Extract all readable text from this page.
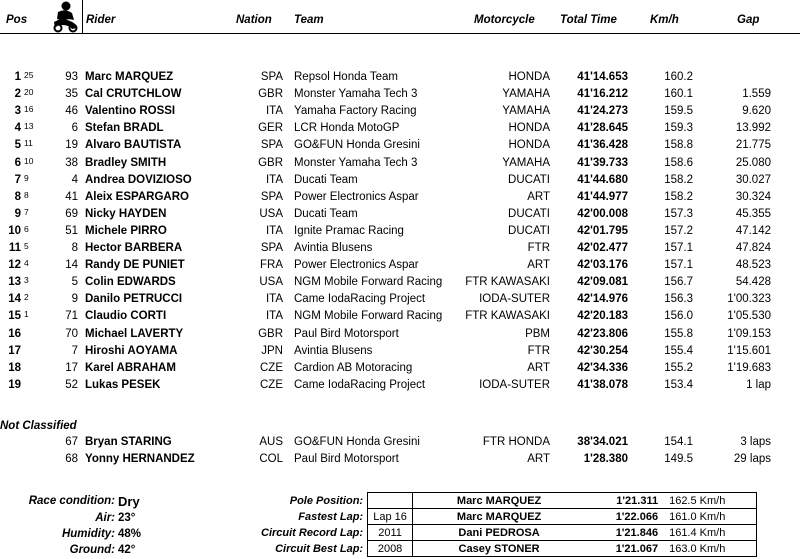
Pos	Rider	Nation Team	Motorcycle Total Time	Km/h	Gap
1 25	93 Marc MARQUEZ	SPA Repsol Honda Team	HONDA	41'14.653	160.2
2 20	35 Cal CRUTCHLOW	GBR Monster Yamaha Tech 3	YAMAHA	41'16.212	160.1	1.559
3 16	46 Valentino ROSSI	ITA Yamaha Factory Racing	YAMAHA	41'24.273	159.5	9.620
4 13	6 Stefan BRADL	GER LCR Honda MotoGP	HONDA	41'28.645	159.3	13.992
5 11	19 Alvaro BAUTISTA	SPA GO&FUN Honda Gresini	HONDA	41'36.428	158.8	21.775
6 10	38 Bradley SMITH	GBR Monster Yamaha Tech 3	YAMAHA	41'39.733	158.6	25.080
7 9	4 Andrea DOVIZIOSO	ITA Ducati Team	DUCATI	41'44.680	158.2	30.027
8 8	41 Aleix ESPARGARO	SPA Power Electronics Aspar	ART	41'44.977	158.2	30.324
9 7	69 Nicky HAYDEN	USA Ducati Team	DUCATI	42'00.008	157.3	45.355
10 6	51 Michele PIRRO	ITA Ignite Pramac Racing	DUCATI	42'01.795	157.2	47.142
11 5	8 Hector BARBERA	SPA Avintia Blusens	FTR	42'02.477	157.1	47.824
12 4	14 Randy DE PUNIET	FRA Power Electronics Aspar	ART	42'03.176	157.1	48.523
13 3	5 Colin EDWARDS	USA NGM Mobile Forward Racing	FTR KAWASAKI	42'09.081	156.7	54.428
14 2	9 Danilo PETRUCCI	ITA Came IodaRacing Project	IODA-SUTER	42'14.976	156.3	1'00.323
15 1	71 Claudio CORTI	ITA NGM Mobile Forward Racing	FTR KAWASAKI	42'20.183	156.0	1'05.530
16	70 Michael LAVERTY	GBR Paul Bird Motorsport	PBM	42'23.806	155.8	1'09.153
17	7 Hiroshi AOYAMA	JPN Avintia Blusens	FTR	42'30.254	155.4	1'15.601
18	17 Karel ABRAHAM	CZE Cardion AB Motoracing	ART	42'34.336	155.2	1'19.683
19	52 Lukas PESEK	CZE Came IodaRacing Project	IODA-SUTER	41'38.078	153.4	1 lap
Not Classified
67 Bryan STARING	AUS GO&FUN Honda Gresini	FTR HONDA	38'34.021	154.1	3 laps
68 Yonny HERNANDEZ	COL Paul Bird Motorsport	ART	1'28.380	149.5	29 laps
Race condition: Dry
Air: 23°
Humidity: 48%
Ground: 42°
Pole Position:		Marc MARQUEZ	1'21.311	162.5 Km/h
Fastest Lap:	Lap 16	Marc MARQUEZ	1'22.066	161.0 Km/h
Circuit Record Lap:	2011	Dani PEDROSA	1'21.846	161.4 Km/h
Circuit Best Lap:	2008	Casey STONER	1'21.067	163.0 Km/h
